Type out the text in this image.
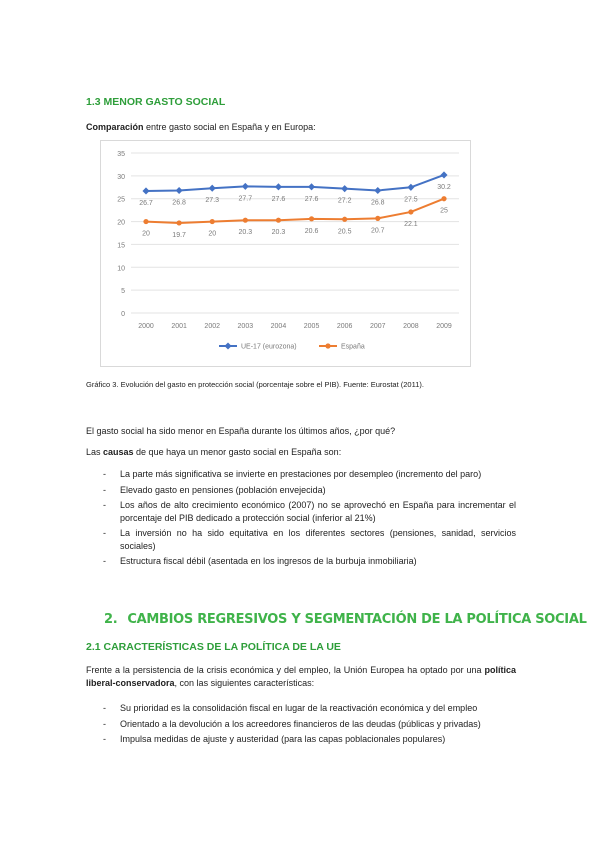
1.3 MENOR GASTO SOCIAL

Comparación entre gasto social en España y en Europa:

0
5
10
15
20
25
30
35
2000	2001	2002	2003	2004	2005	2006	2007	2008	2009
26.7	26.8	27.3	27.7	27.6	27.6	27.2	26.8	27.5
30.2
20	19.7	20	20.3	20.3	20.6	20.5	20.7
22.1
25
UE-17 (eurozona)	España

Gráfico 3. Evolución del gasto en protección social (porcentaje sobre el PIB). Fuente: Eurostat (2011).

El gasto social ha sido menor en España durante los últimos años, ¿por qué?

Las causas de que haya un menor gasto social en España son:

- La parte más significativa se invierte en prestaciones por desempleo (incremento del paro)
- Elevado gasto en pensiones (población envejecida)
- Los años de alto crecimiento económico (2007) no se aprovechó en España para incrementar el porcentaje del PIB dedicado a protección social (inferior al 21%)
- La inversión no ha sido equitativa en los diferentes sectores (pensiones, sanidad, servicios sociales)
- Estructura fiscal débil (asentada en los ingresos de la burbuja inmobiliaria)
2. CAMBIOS REGRESIVOS Y SEGMENTACIÓN DE LA POLÍTICA SOCIAL
2.1 CARACTERÍSTICAS DE LA POLÍTICA DE LA UE

Frente a la persistencia de la crisis económica y del empleo, la Unión Europea ha optado por una política liberal-conservadora, con las siguientes características:

- Su prioridad es la consolidación fiscal en lugar de la reactivación económica y del empleo
- Orientado a la devolución a los acreedores financieros de las deudas (públicas y privadas)
- Impulsa medidas de ajuste y austeridad (para las capas poblacionales populares)
